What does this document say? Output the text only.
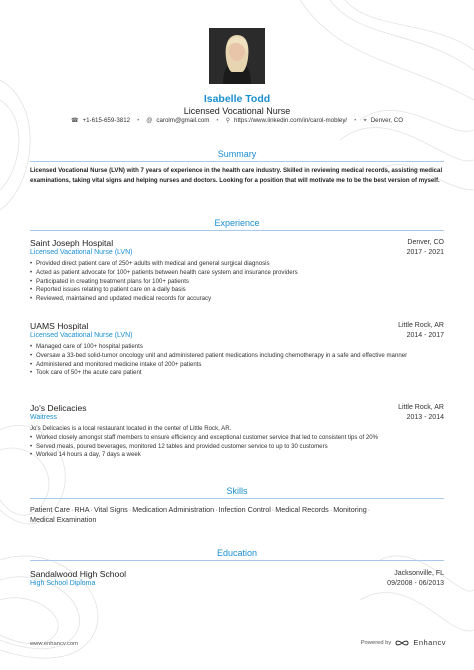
Isabelle Todd
Licensed Vocational Nurse
☎ +1-615-659-3812 • @ carolm@gmail.com • ⚲ https://www.linkedin.com/in/carol-mobley/ • ⌖ Denver, CO
Summary
Licensed Vocational Nurse (LVN) with 7 years of experience in the health care industry. Skilled in reviewing medical records, assisting medical examinations, taking vital signs and helping nurses and doctors. Looking for a position that will motivate me to be the best version of myself.
Experience
Saint Joseph Hospital	Denver, CO
Licensed Vacational Nurse (LVN)	2017 - 2021
• Provided direct patient care of 250+ adults with medical and general surgical diagnosis
• Acted as patient advocate for 100+ patients between health care system and insurance providers
• Participated in creating treatment plans for 100+ patients
• Reported issues relating to patient care on a daily basis
• Reviewed, maintained and updated medical records for accuracy
UAMS Hospital	Little Rock, AR
Licensed Vacational Nurse (LVN)	2014 - 2017
• Managed care of 100+ hospital patients
• Oversaw a 33-bed solid-tumor oncology unit and administered patient medications including chemotherapy in a safe and effective manner
• Administered and monitored medicine intake of 200+ patients
• Took care of 50+ the acute care patient
Jo's Delicacies	Little Rock, AR
Waitress	2013 - 2014
Jo's Delicacies is a local restaurant located in the center of Little Rock, AR.
• Worked closely amongst staff members to ensure efficiency and exceptional customer service that led to consistent tips of 20%
• Served meals, poured beverages, monitored 12 tables and provided customer service to up to 30 customers
• Worked 14 hours a day, 7 days a week
Skills
Patient Care·RHA·Vital Signs·Medication Administration·Infection Control·Medical Records·Monitoring·
Medical Examination
Education
Sandalwood High School	Jacksonville, FL
High School Diploma	09/2008 - 06/2013
www.enhancv.com	Powered by	Enhancv
